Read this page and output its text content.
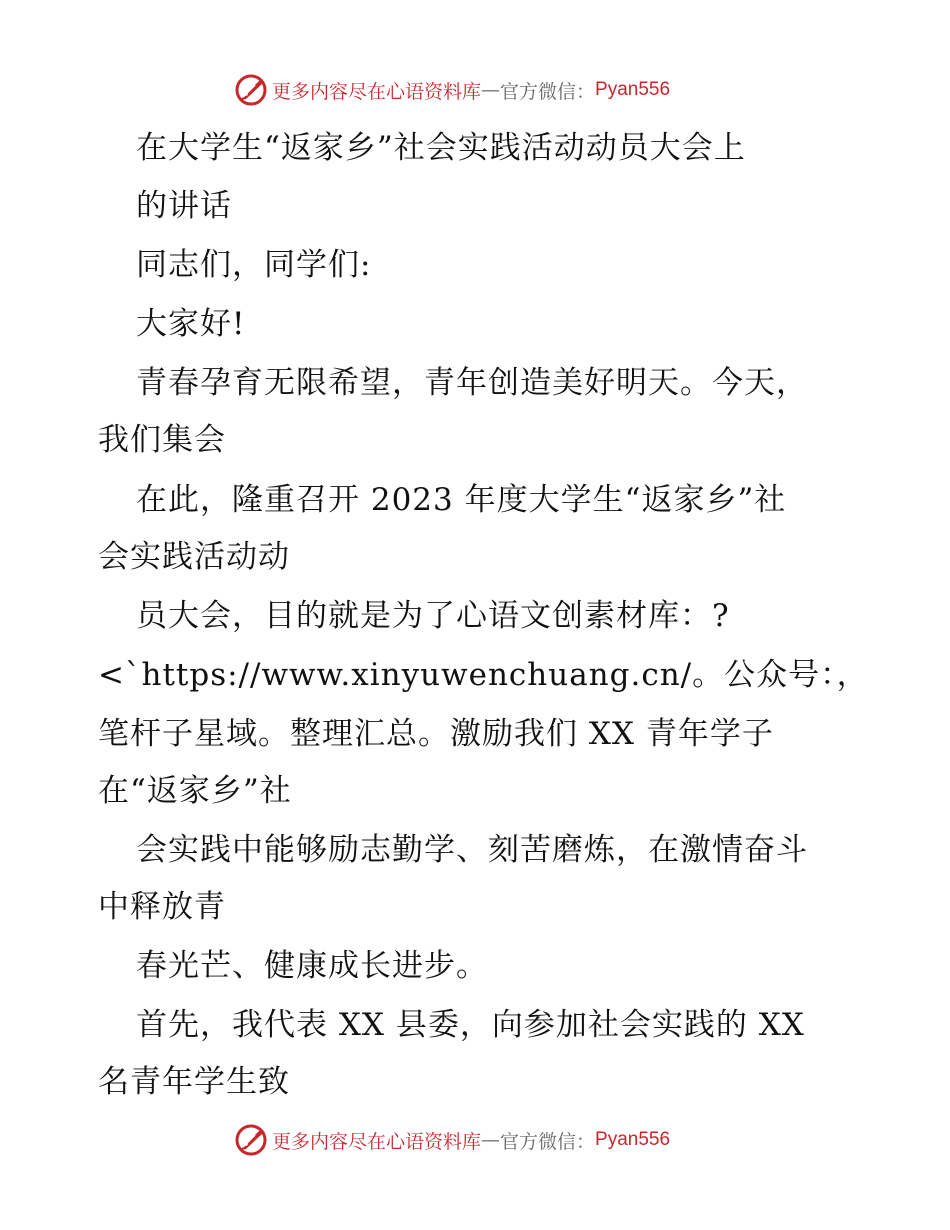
更多内容尽在心语资料库 — 官方微信： Pyan556
在大学生“返家乡”社会实践活动动员大会上
的讲话
同志们，同学们:
大家好!
青春孕育无限希望，青年创造美好明天。今天，
我们集会
在此，隆重召开 2023 年度大学生“返家乡”社
会实践活动动
员大会，目的就是为了心语文创素材库：?
<`https://www.xinyuwenchuang.cn/。公众号：，
笔杆子星域。整理汇总。激励我们 XX 青年学子
在“返家乡”社
会实践中能够励志勤学、刻苦磨炼，在激情奋斗
中释放青
春光芒、健康成长进步。
首先，我代表 XX 县委，向参加社会实践的 XX
名青年学生致
更多内容尽在心语资料库 — 官方微信： Pyan556
